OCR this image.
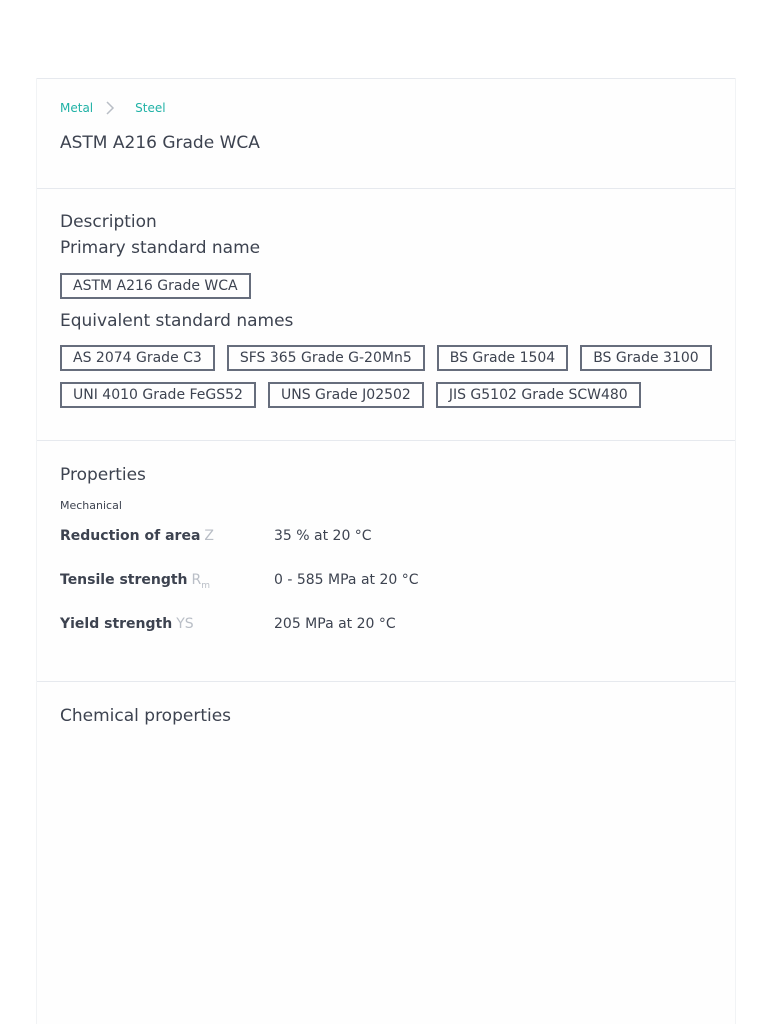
Metal	Steel
ASTM A216 Grade WCA
Description
Primary standard name
ASTM A216 Grade WCA
Equivalent standard names
AS 2074 Grade C3	SFS 365 Grade G-20Mn5	BS Grade 1504	BS Grade 3100
UNI 4010 Grade FeGS52	UNS Grade J02502	JIS G5102 Grade SCW480
Properties
Mechanical
Reduction of area Z	35 % at 20 °C
Tensile strength $R_m$	0 - 585 MPa at 20 °C
Yield strength YS	205 MPa at 20 °C
Chemical properties
